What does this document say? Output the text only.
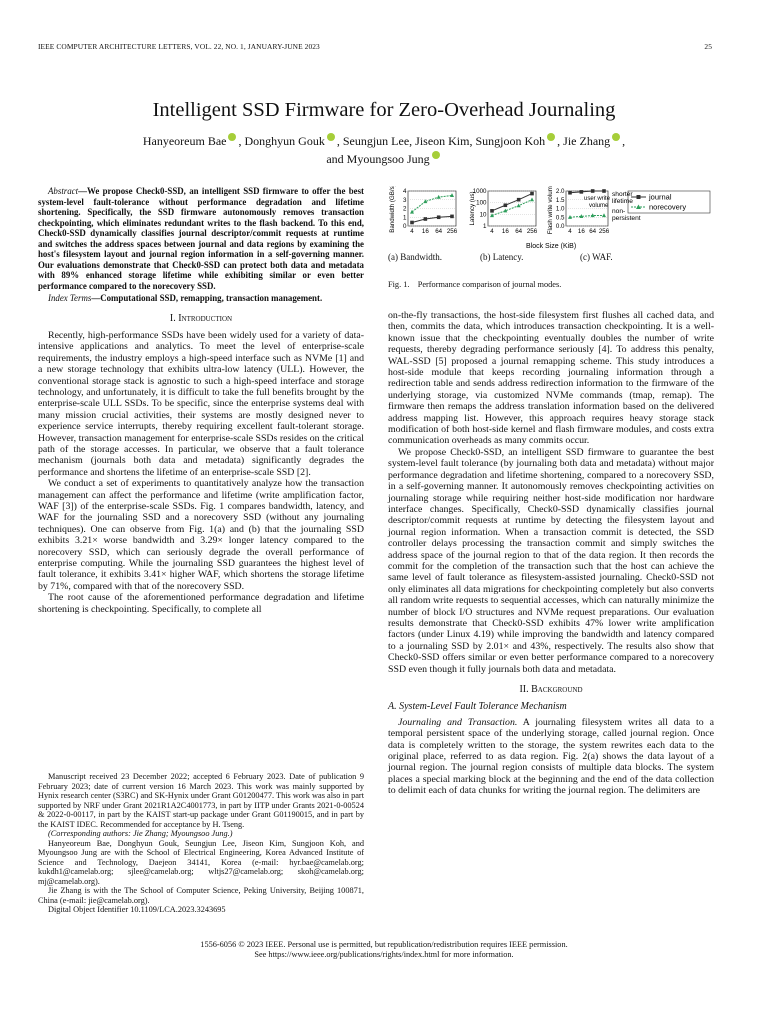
IEEE COMPUTER ARCHITECTURE LETTERS, VOL. 22, NO. 1, JANUARY-JUNE 2023	25
Intelligent SSD Firmware for Zero-Overhead Journaling
Hanyeoreum Bae , Donghyun Gouk , Seungjun Lee, Jiseon Kim, Sungjoon Koh , Jie Zhang ,
and Myoungsoo Jung

Abstract—We propose Check0-SSD, an intelligent SSD firmware to offer the best system-level fault-tolerance without performance degradation and lifetime shortening. Specifically, the SSD firmware autonomously removes transaction checkpointing, which eliminates redundant writes to the flash backend. To this end, Check0-SSD dynamically classifies journal descriptor/commit requests at runtime and switches the address spaces between journal and data regions by examining the host's filesystem layout and journal region information in a self-governing manner. Our evaluations demonstrate that Check0-SSD can protect both data and metadata with 89% enhanced storage lifetime while exhibiting similar or even better performance compared to the norecovery SSD.

Index Terms—Computational SSD, remapping, transaction management.

I. Introduction

Recently, high-performance SSDs have been widely used for a variety of data-intensive applications and analytics. To meet the level of enterprise-scale requirements, the industry employs a high-speed interface such as NVMe [1] and a new storage technology that exhibits ultra-low latency (ULL). However, the conventional storage stack is agnostic to such a high-speed interface and storage technology, and unfortunately, it is difficult to take the full benefits brought by the enterprise-scale ULL SSDs. To be specific, since the enterprise systems deal with many mission crucial activities, their systems are mostly designed never to experience service interrupts, thereby requiring excellent fault-tolerant storage. However, transaction management for enterprise-scale SSDs resides on the critical path of the storage accesses. In particular, we observe that a fault tolerance mechanism (journals both data and metadata) significantly degrades the performance and shortens the lifetime of an enterprise-scale SSD [2].

We conduct a set of experiments to quantitatively analyze how the transaction management can affect the performance and lifetime (write amplification factor, WAF [3]) of the enterprise-scale SSDs. Fig. 1 compares bandwidth, latency, and WAF for the journaling SSD and a norecovery SSD (without any journaling techniques). One can observe from Fig. 1(a) and (b) that the journaling SSD exhibits 3.21× worse bandwidth and 3.29× longer latency compared to the norecovery SSD, which can seriously degrade the overall performance of enterprise computing. While the journaling SSD guarantees the highest level of fault tolerance, it exhibits 3.41× higher WAF, which shortens the storage lifetime by 71%, compared with that of the norecovery SSD.

The root cause of the aforementioned performance degradation and lifetime shortening is checkpointing. Specifically, to complete all

Manuscript received 23 December 2022; accepted 6 February 2023. Date of publication 9 February 2023; date of current version 16 March 2023. This work was mainly supported by Hynix research center (S3RC) and SK-Hynix under Grant G01200477. This work was also in part supported by NRF under Grant 2021R1A2C4001773, in part by IITP under Grants 2021-0-00524 & 2022-0-00117, in part by the KAIST start-up package under Grant G01190015, and in part by the KAIST IDEC. Recommended for acceptance by H. Tseng.

(Corresponding authors: Jie Zhang; Myoungsoo Jung.)

Hanyeoreum Bae, Donghyun Gouk, Seungjun Lee, Jiseon Kim, Sungjoon Koh, and Myoungsoo Jung are with the School of Electrical Engineering, Korea Advanced Institute of Science and Technology, Daejeon 34141, Korea (e-mail: hyr.bae@camelab.org; kukdh1@camelab.org; sjlee@camelab.org; wltjs27@camelab.org; skoh@camelab.org; mj@camelab.org).

Jie Zhang is with the The School of Computer Science, Peking University, Beijing 100871, China (e-mail: jie@camelab.org).

Digital Object Identifier 10.1109/LCA.2023.3243695

journal
norecovery
Block Size (KiB)
user write
volume
shorter
lifetime
non-
persistent
Bandwidth (GB/s) 0
1
2
3
4
4 16 64 256
Latency (us)
1
10
100
1000
4 16 64 256 Flash write volume 0.0
0.5
1.0
1.5
2.0
4 16 64 256
(a) Bandwidth.	(b) Latency.	(c) WAF.
Fig. 1. Performance comparison of journal modes.

on-the-fly transactions, the host-side filesystem first flushes all cached data, and then, commits the data, which introduces transaction checkpointing. It is a well-known issue that the checkpointing eventually doubles the number of write requests, thereby degrading performance seriously [4]. To address this penalty, WAL-SSD [5] proposed a journal remapping scheme. This study introduces a host-side module that keeps recording journaling information through a redirection table and sends address redirection information to the firmware of the underlying storage, via customized NVMe commands (tmap, remap). The firmware then remaps the address translation information based on the delivered address mapping list. However, this approach requires heavy storage stack modification of both host-side kernel and flash firmware modules, and costs extra communication overheads as many commits occur.

We propose Check0-SSD, an intelligent SSD firmware to guarantee the best system-level fault tolerance (by journaling both data and metadata) without major performance degradation and lifetime shortening, compared to a norecovery SSD, in a self-governing manner. It autonomously removes checkpointing activities on journaling storage while requiring neither host-side modification nor hardware interface changes. Specifically, Check0-SSD dynamically classifies journal descriptor/commit requests at runtime by detecting the filesystem layout and journal region information. When a transaction commit is detected, the SSD controller delays processing the transaction commit and simply switches the address space of the journal region to that of the data region. It then records the commit for the completion of the transaction such that the host can achieve the same level of fault tolerance as filesystem-assisted journaling. Check0-SSD not only eliminates all data migrations for checkpointing completely but also converts all random write requests to sequential accesses, which can naturally minimize the number of block I/O structures and NVMe request preparations. Our evaluation results demonstrate that Check0-SSD exhibits 47% lower write amplification factors (under Linux 4.19) while improving the bandwidth and latency compared to a journaling SSD by 2.01× and 43%, respectively. The results also show that Check0-SSD offers similar or even better performance compared to a norecovery SSD even though it fully journals both data and metadata.

II. Background
A. System-Level Fault Tolerance Mechanism

Journaling and Transaction. A journaling filesystem writes all data to a temporal persistent space of the underlying storage, called journal region. Once data is completely written to the storage, the system rewrites each data to the original place, referred to as data region. Fig. 2(a) shows the data layout of a journal region. The journal region consists of multiple data blocks. The system places a special marking block at the beginning and the end of the data collection to delimit each of data chunks for writing the journal region. The delimiters are

1556-6056 © 2023 IEEE. Personal use is permitted, but republication/redistribution requires IEEE permission.
See https://www.ieee.org/publications/rights/index.html for more information.
